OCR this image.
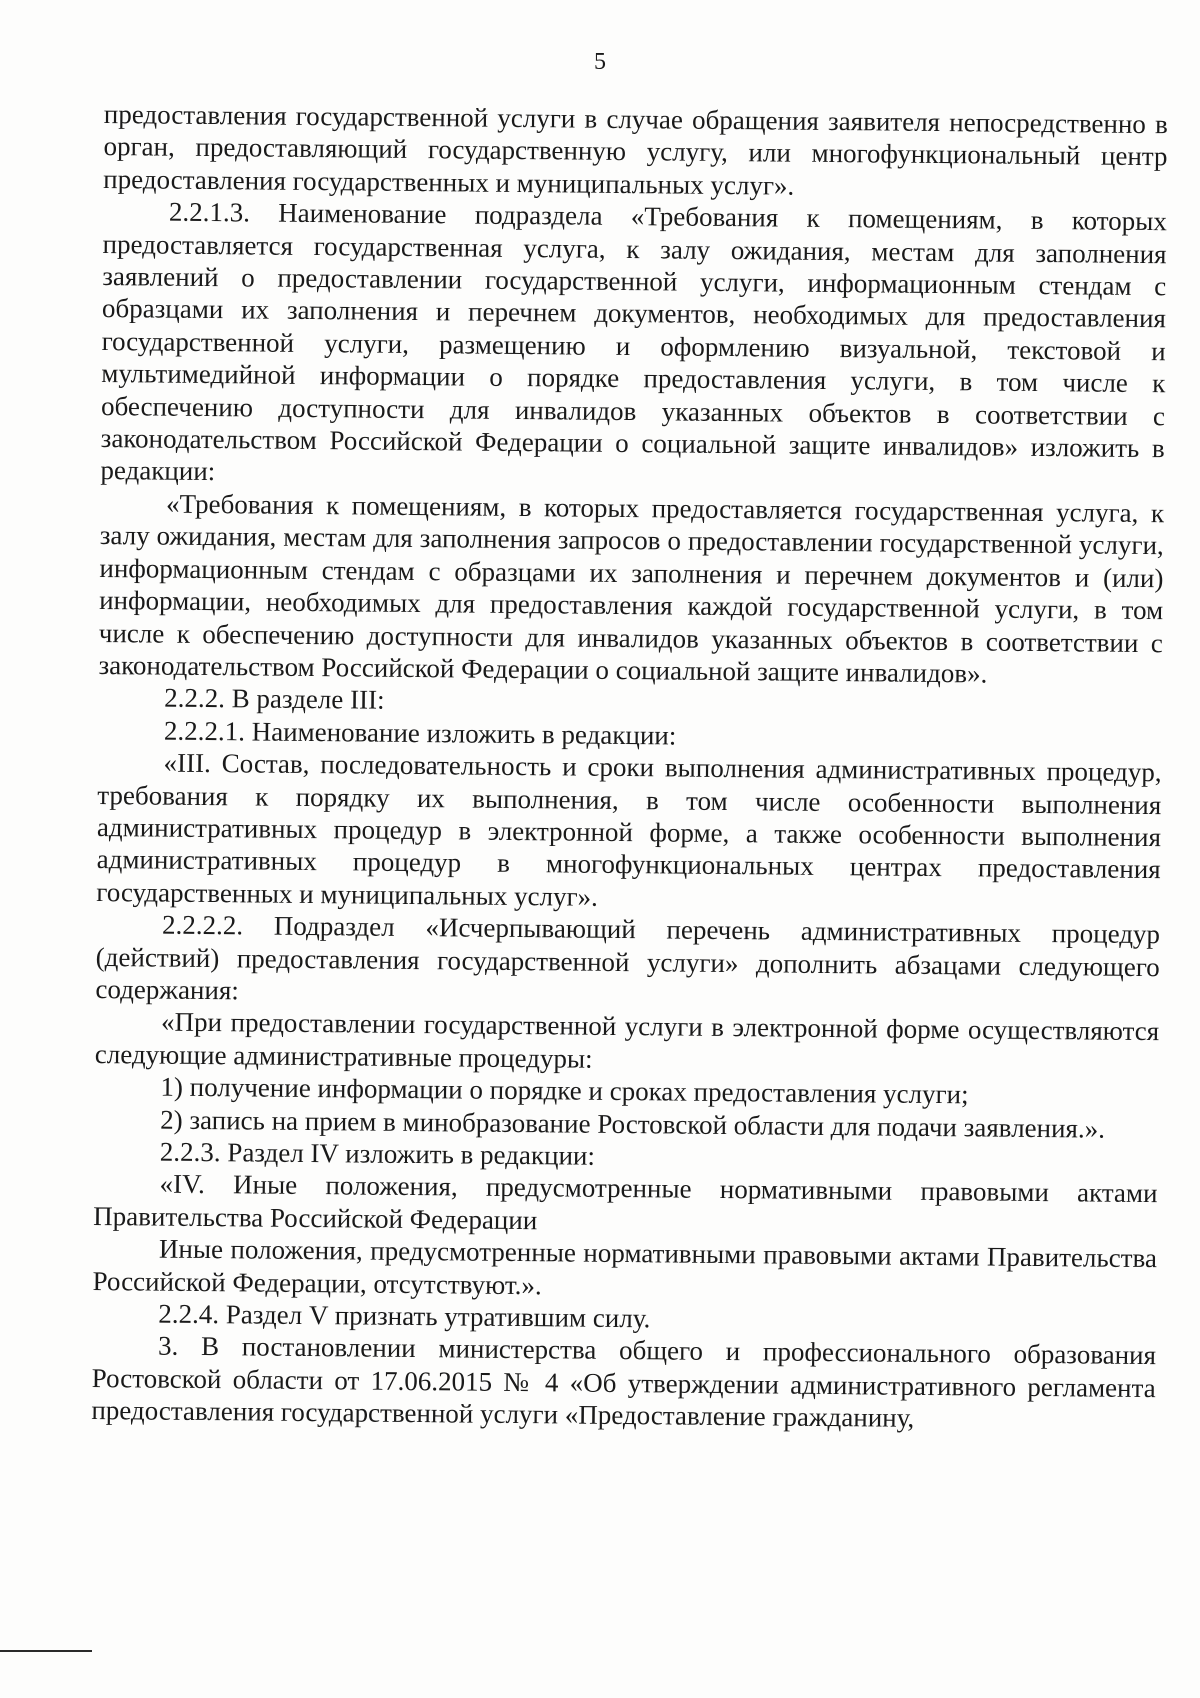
5

предоставления государственной услуги в случае обращения заявителя непосредственно в орган, предоставляющий государственную услугу, или многофункциональный центр предоставления государственных и муниципальных услуг».

2.2.1.3. Наименование подраздела «Требования к помещениям, в которых предоставляется государственная услуга, к залу ожидания, местам для заполнения заявлений о предоставлении государственной услуги, информационным стендам с образцами их заполнения и перечнем документов, необходимых для предоставления государственной услуги, размещению и оформлению визуальной, текстовой и мультимедийной информации о порядке предоставления услуги, в том числе к обеспечению доступности для инвалидов указанных объектов в соответствии с законодательством Российской Федерации о социальной защите инвалидов» изложить в редакции:

«Требования к помещениям, в которых предоставляется государственная услуга, к залу ожидания, местам для заполнения запросов о предоставлении государственной услуги, информационным стендам с образцами их заполнения и перечнем документов и (или) информации, необходимых для предоставления каждой государственной услуги, в том числе к обеспечению доступности для инвалидов указанных объектов в соответствии с законодательством Российской Федерации о социальной защите инвалидов».

2.2.2. В разделе III:

2.2.2.1. Наименование изложить в редакции:

«III. Состав, последовательность и сроки выполнения административных процедур, требования к порядку их выполнения, в том числе особенности выполнения административных процедур в электронной форме, а также особенности выполнения административных процедур в многофункциональных центрах предоставления государственных и муниципальных услуг».

2.2.2.2. Подраздел «Исчерпывающий перечень административных процедур (действий) предоставления государственной услуги» дополнить абзацами следующего содержания:

«При предоставлении государственной услуги в электронной форме осуществляются следующие административные процедуры:

1) получение информации о порядке и сроках предоставления услуги;

2) запись на прием в минобразование Ростовской области для подачи заявления.».

2.2.3. Раздел IV изложить в редакции:

«IV. Иные положения, предусмотренные нормативными правовыми актами Правительства Российской Федерации

Иные положения, предусмотренные нормативными правовыми актами Правительства Российской Федерации, отсутствуют.».

2.2.4. Раздел V признать утратившим силу.

3. В постановлении министерства общего и профессионального образования Ростовской области от 17.06.2015 № 4 «Об утверждении административного регламента предоставления государственной услуги «Предоставление гражданину,
